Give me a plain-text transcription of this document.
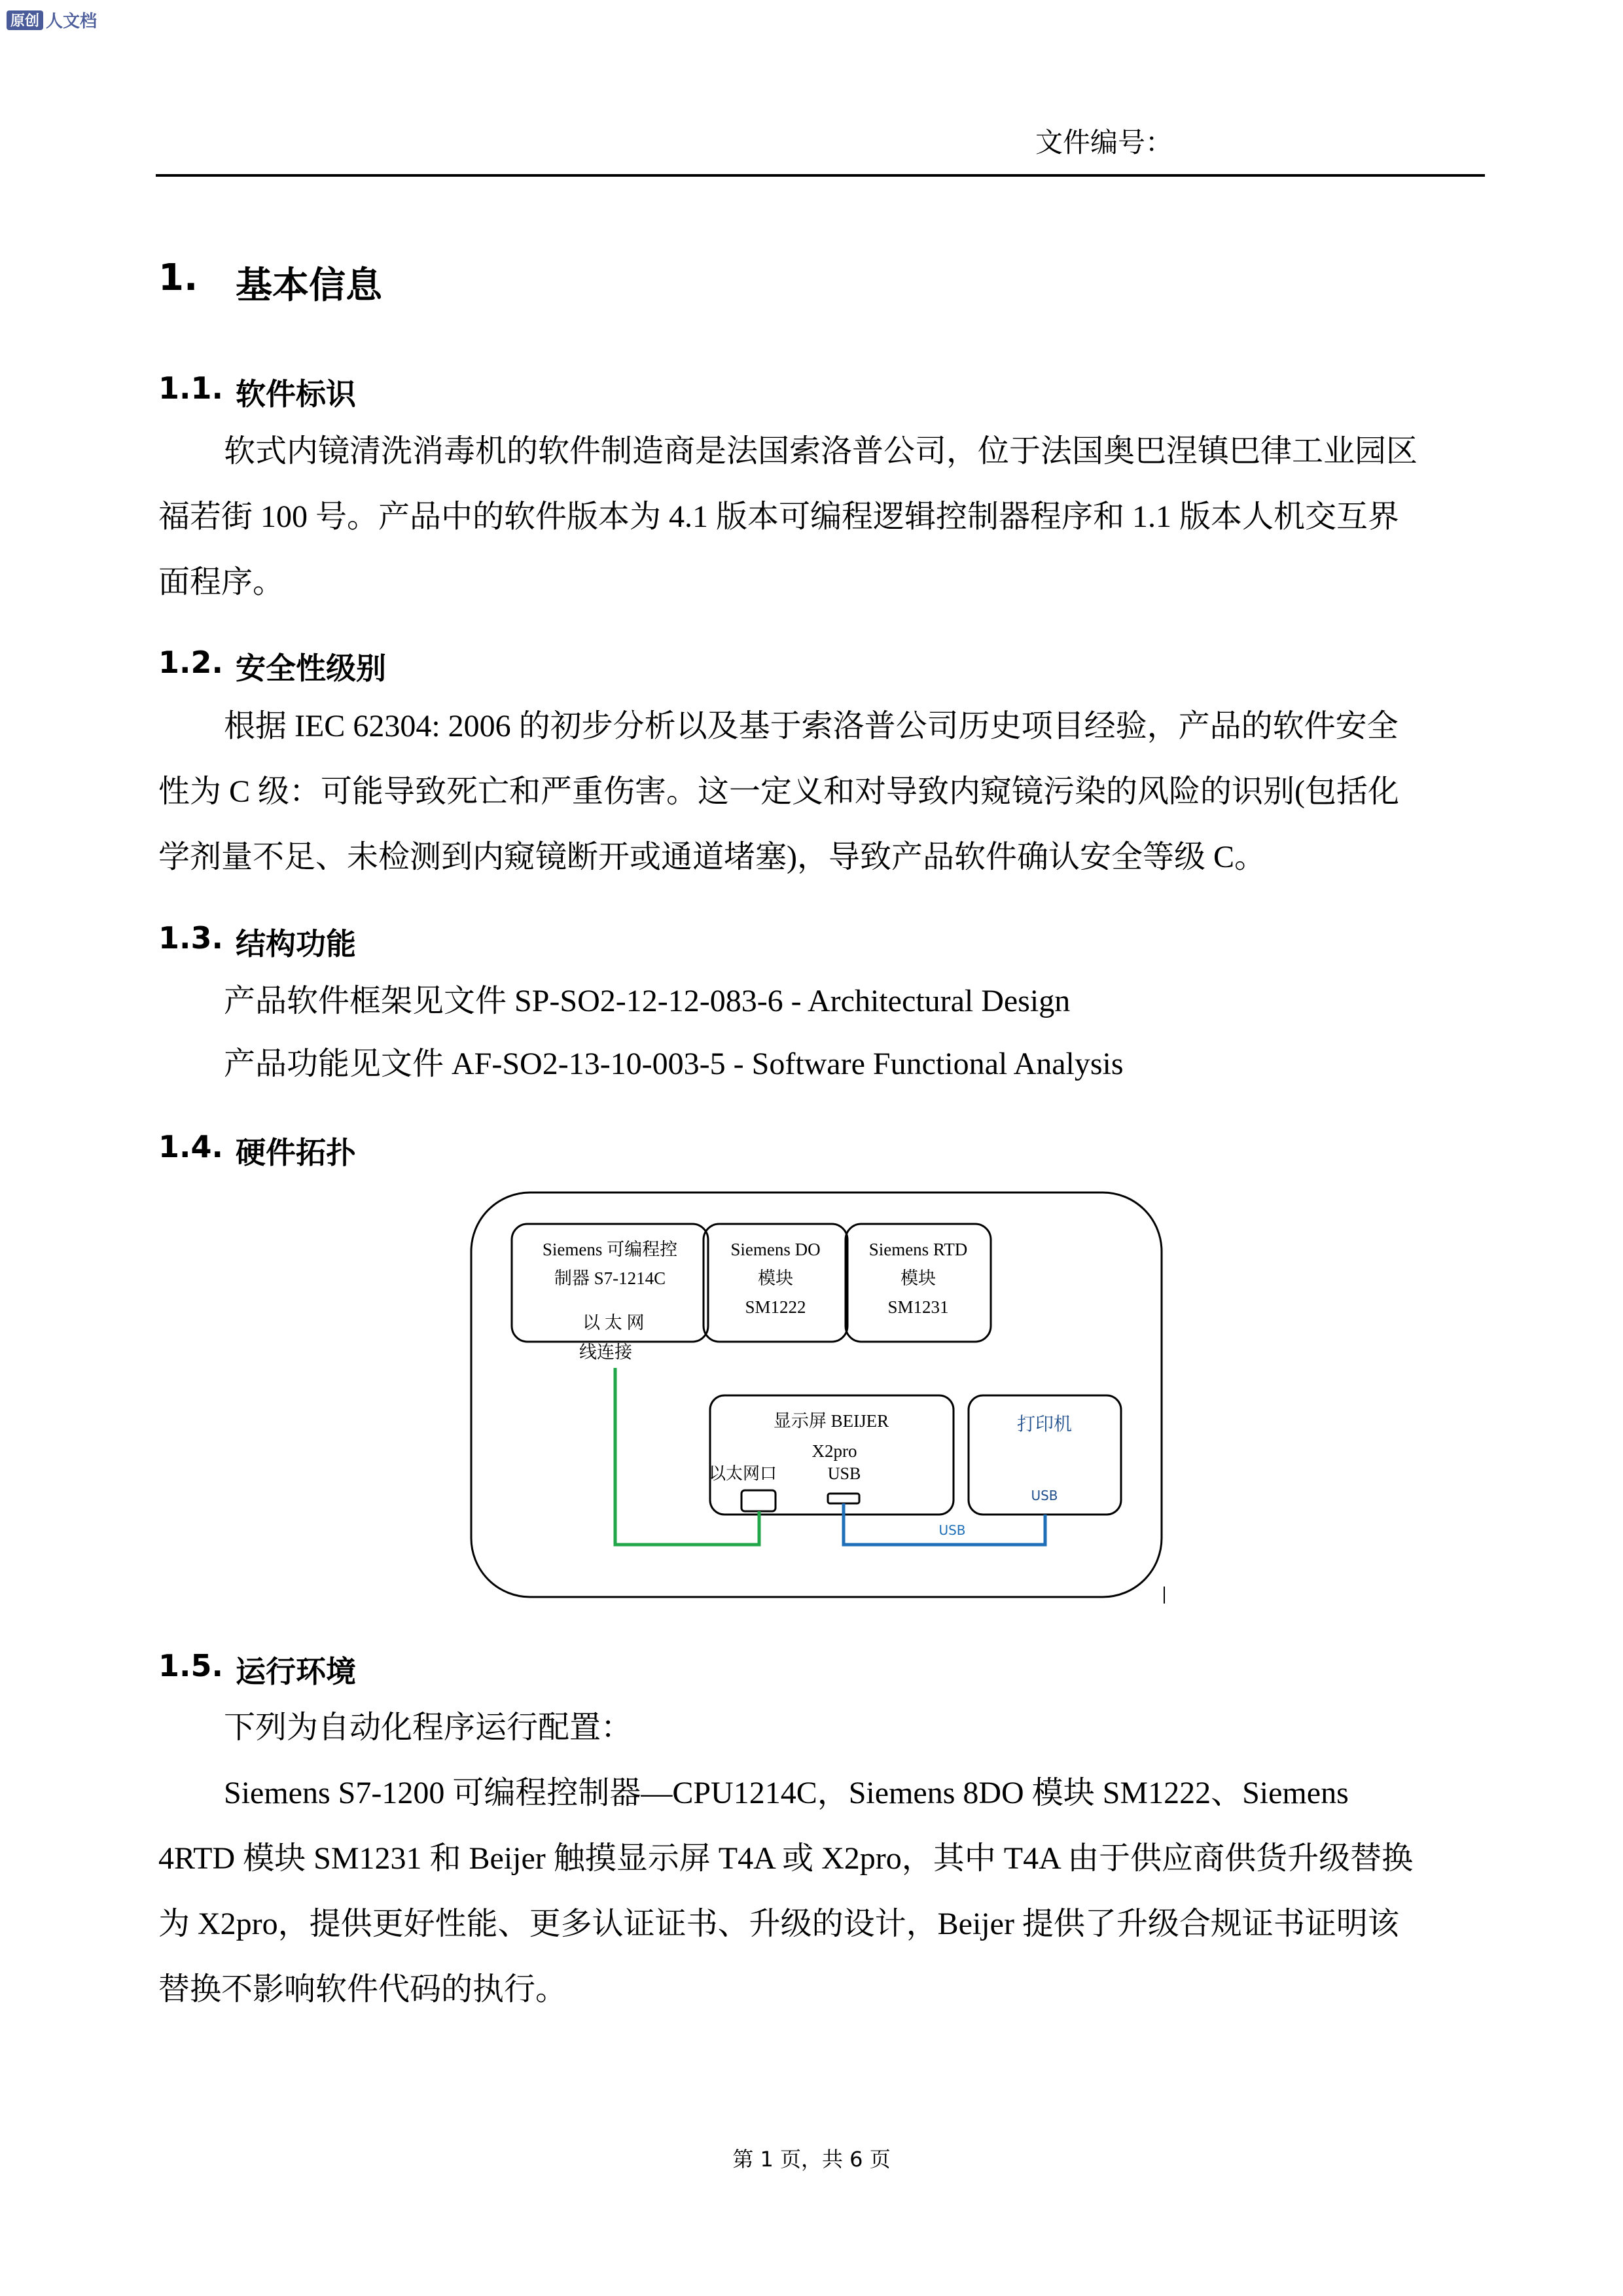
原创 人文档
文件编号：
1.	基本信息
1.1. 软件标识
软式内镜清洗消毒机的软件制造商是法国索洛普公司，位于法国奥巴涅镇巴律工业园区
福若街 100 号。产品中的软件版本为 4.1 版本可编程逻辑控制器程序和 1.1 版本人机交互界
面程序。
1.2. 安全性级别
根据 IEC 62304: 2006 的初步分析以及基于索洛普公司历史项目经验，产品的软件安全
性为 C 级：可能导致死亡和严重伤害。这一定义和对导致内窥镜污染的风险的识别(包括化
学剂量不足、未检测到内窥镜断开或通道堵塞)，导致产品软件确认安全等级 C。
1.3. 结构功能
产品软件框架见文件 SP-SO2-12-12-083-6 - Architectural Design
产品功能见文件 AF-SO2-13-10-003-5 - Software Functional Analysis
1.4. 硬件拓扑
Siemens 可编程控
制器 S7-1214C
Siemens DO
模块
SM1222
Siemens RTD
模块
SM1231
以 太 网
线连接
显示屏 BEIJER
X2pro
以太网口	USB
打印机
USB
USB
1.5. 运行环境
下列为自动化程序运行配置：
Siemens S7-1200 可编程控制器—CPU1214C，Siemens 8DO 模块 SM1222、Siemens
4RTD 模块 SM1231 和 Beijer 触摸显示屏 T4A 或 X2pro，其中 T4A 由于供应商供货升级替换
为 X2pro，提供更好性能、更多认证证书、升级的设计，Beijer 提供了升级合规证书证明该
替换不影响软件代码的执行。
第 1 页，共 6 页
